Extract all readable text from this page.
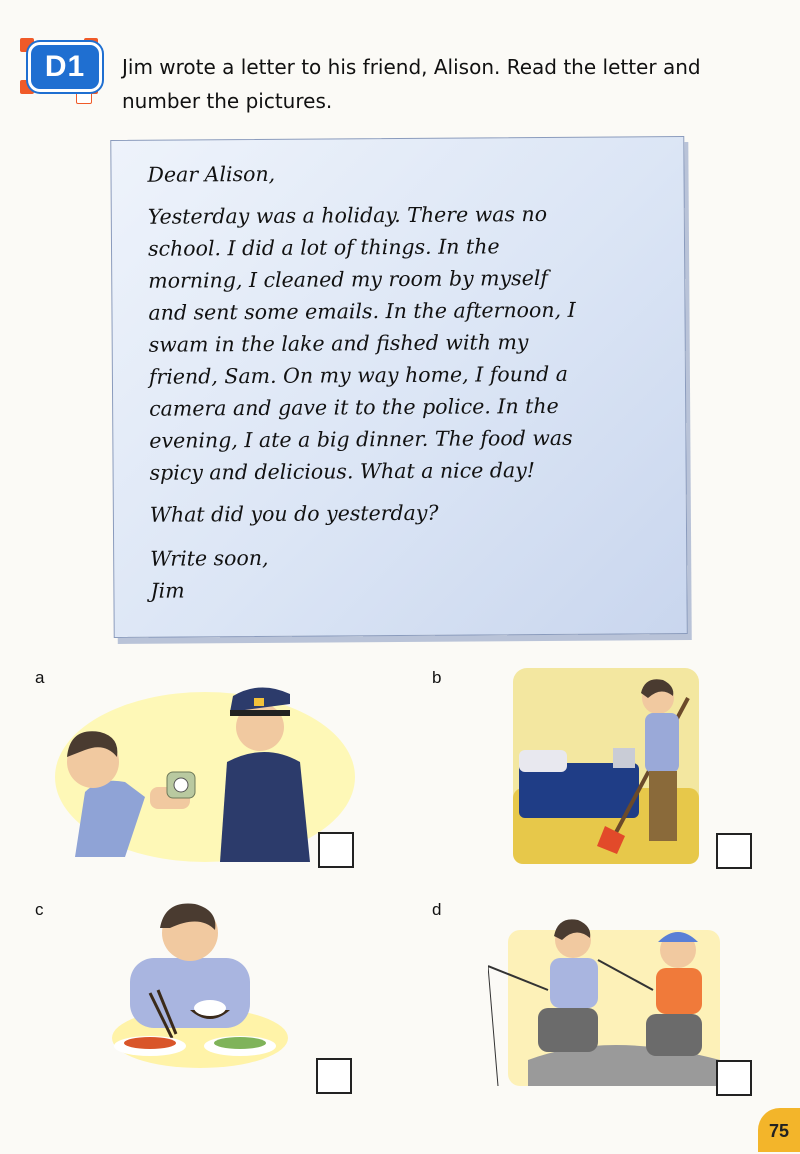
D1	Jim wrote a letter to his friend, Alison. Read the letter and
number the pictures.

Dear Alison,

Yesterday was a holiday. There was no

school. I did a lot of things. In the

morning, I cleaned my room by myself

and sent some emails. In the afternoon, I

swam in the lake and fished with my

friend, Sam. On my way home, I found a

camera and gave it to the police. In the

evening, I ate a big dinner. The food was

spicy and delicious. What a nice day!

What did you do yesterday?

Write soon,

Jim

a	b
c	d
75
